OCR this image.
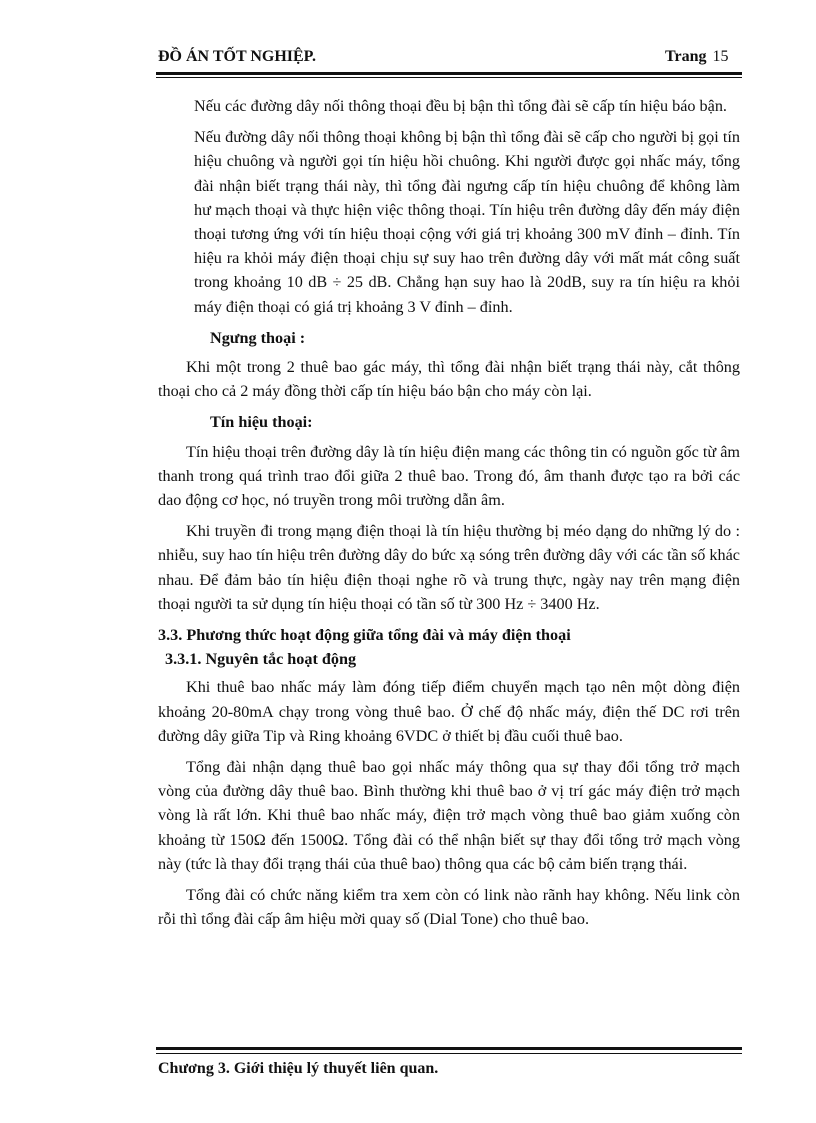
ĐỒ ÁN TỐT NGHIỆP.	Trang 15

Nếu các đường dây nối thông thoại đều bị bận thì tổng đài sẽ cấp tín hiệu báo bận.

Nếu đường dây nối thông thoại không bị bận thì tổng đài sẽ cấp cho người bị gọi tín hiệu chuông và người gọi tín hiệu hồi chuông. Khi người được gọi nhấc máy, tổng đài nhận biết trạng thái này, thì tổng đài ngưng cấp tín hiệu chuông để không làm hư mạch thoại và thực hiện việc thông thoại. Tín hiệu trên đường dây đến máy điện thoại tương ứng với tín hiệu thoại cộng với giá trị khoảng 300 mV đỉnh – đỉnh. Tín hiệu ra khỏi máy điện thoại chịu sự suy hao trên đường dây với mất mát công suất trong khoảng 10 dB ÷ 25 dB. Chẳng hạn suy hao là 20dB, suy ra tín hiệu ra khỏi máy điện thoại có giá trị khoảng 3 V đỉnh – đỉnh.

Ngưng thoại :

Khi một trong 2 thuê bao gác máy, thì tổng đài nhận biết trạng thái này, cắt thông thoại cho cả 2 máy đồng thời cấp tín hiệu báo bận cho máy còn lại.

Tín hiệu thoại:

Tín hiệu thoại trên đường dây là tín hiệu điện mang các thông tin có nguồn gốc từ âm thanh trong quá trình trao đổi giữa 2 thuê bao. Trong đó, âm thanh được tạo ra bởi các dao động cơ học, nó truyền trong môi trường dẫn âm.

Khi truyền đi trong mạng điện thoại là tín hiệu thường bị méo dạng do những lý do : nhiễu, suy hao tín hiệu trên đường dây do bức xạ sóng trên đường dây với các tần số khác nhau. Để đảm bảo tín hiệu điện thoại nghe rõ và trung thực, ngày nay trên mạng điện thoại người ta sử dụng tín hiệu thoại có tần số từ 300 Hz ÷ 3400 Hz.

3.3. Phương thức hoạt động giữa tổng đài và máy điện thoại

3.3.1. Nguyên tắc hoạt động

Khi thuê bao nhấc máy làm đóng tiếp điểm chuyển mạch tạo nên một dòng điện khoảng 20-80mA chạy trong vòng thuê bao. Ở chế độ nhấc máy, điện thế DC rơi trên đường dây giữa Tip và Ring khoảng 6VDC ở thiết bị đầu cuối thuê bao.

Tổng đài nhận dạng thuê bao gọi nhấc máy thông qua sự thay đổi tổng trở mạch vòng của đường dây thuê bao. Bình thường khi thuê bao ở vị trí gác máy điện trở mạch vòng là rất lớn. Khi thuê bao nhấc máy, điện trở mạch vòng thuê bao giảm xuống còn khoảng từ 150Ω đến 1500Ω. Tổng đài có thể nhận biết sự thay đổi tổng trở mạch vòng này (tức là thay đổi trạng thái của thuê bao) thông qua các bộ cảm biến trạng thái.

Tổng đài có chức năng kiểm tra xem còn có link nào rãnh hay không. Nếu link còn rỗi thì tổng đài cấp âm hiệu mời quay số (Dial Tone) cho thuê bao.

Chương 3. Giới thiệu lý thuyết liên quan.
